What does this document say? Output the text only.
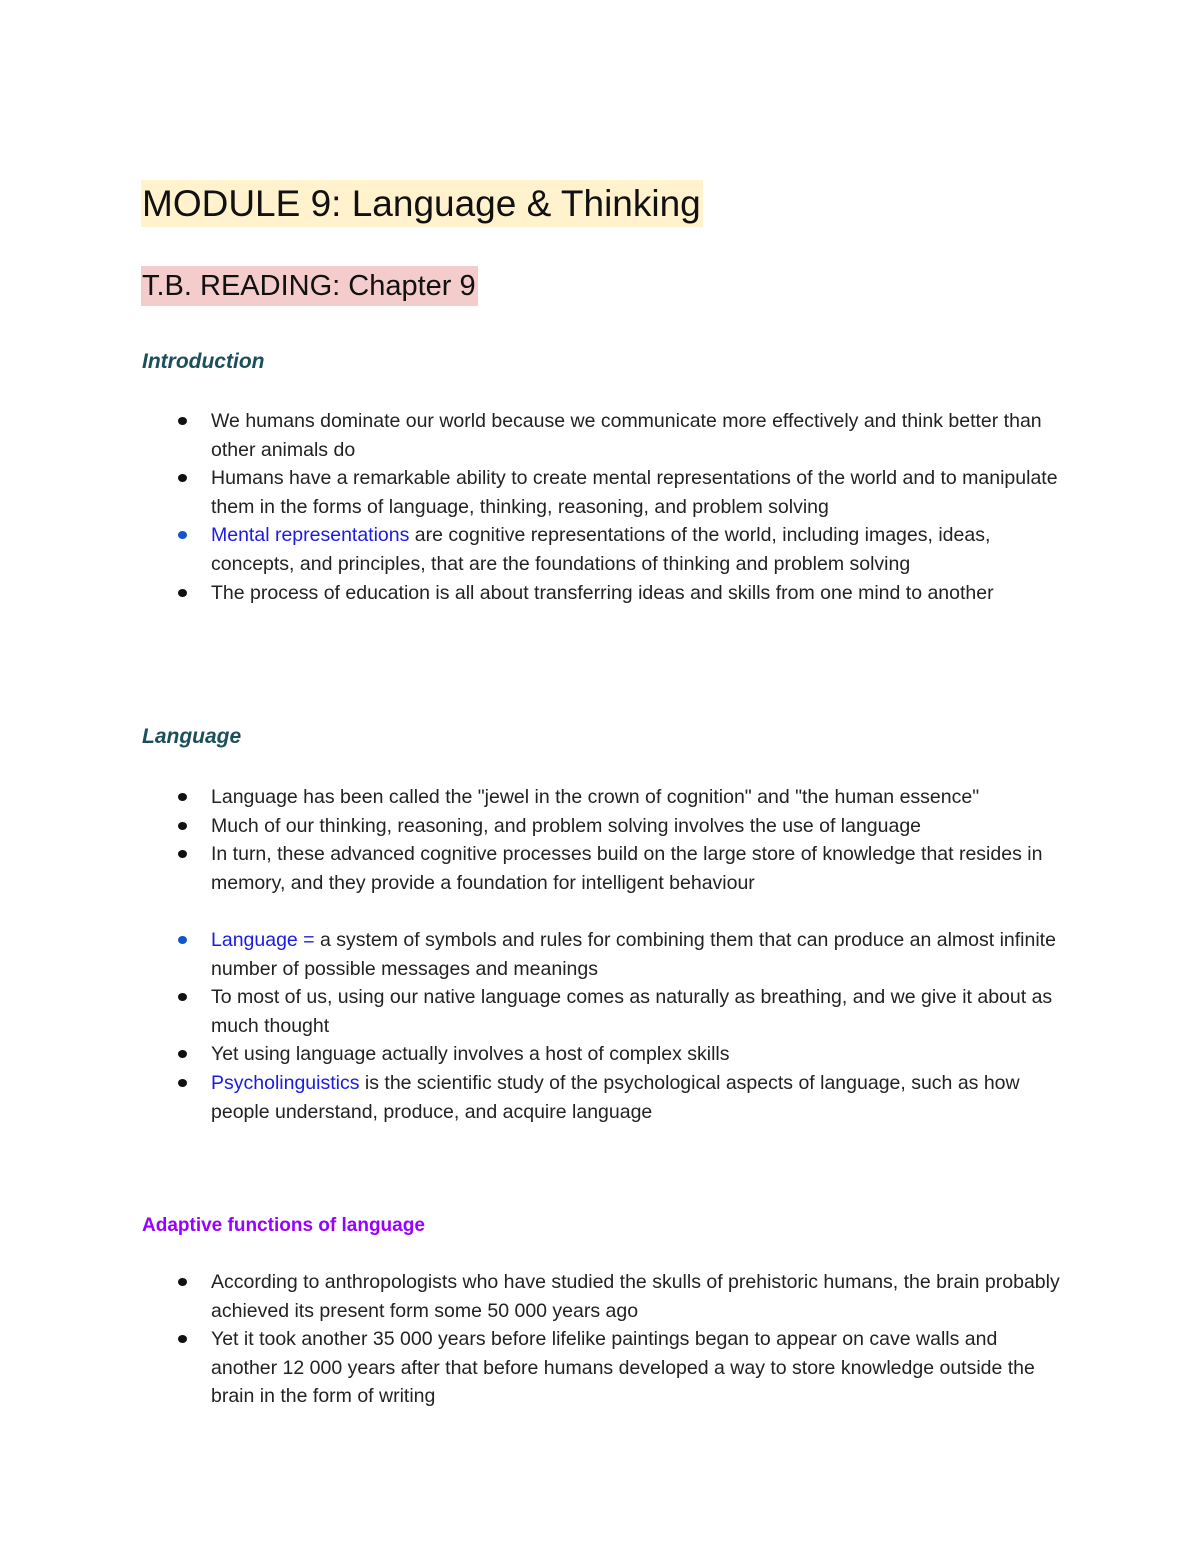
MODULE 9: Language & Thinking
T.B. READING: Chapter 9
Introduction
We humans dominate our world because we communicate more effectively and think better than other animals do
Humans have a remarkable ability to create mental representations of the world and to manipulate them in the forms of language, thinking, reasoning, and problem solving
Mental representations are cognitive representations of the world, including images, ideas, concepts, and principles, that are the foundations of thinking and problem solving
The process of education is all about transferring ideas and skills from one mind to another
Language
Language has been called the "jewel in the crown of cognition" and "the human essence"
Much of our thinking, reasoning, and problem solving involves the use of language
In turn, these advanced cognitive processes build on the large store of knowledge that resides in memory, and they provide a foundation for intelligent behaviour
Language = a system of symbols and rules for combining them that can produce an almost infinite number of possible messages and meanings
To most of us, using our native language comes as naturally as breathing, and we give it about as much thought
Yet using language actually involves a host of complex skills
Psycholinguistics is the scientific study of the psychological aspects of language, such as how people understand, produce, and acquire language
Adaptive functions of language
According to anthropologists who have studied the skulls of prehistoric humans, the brain probably achieved its present form some 50 000 years ago
Yet it took another 35 000 years before lifelike paintings began to appear on cave walls and another 12 000 years after that before humans developed a way to store knowledge outside the brain in the form of writing
